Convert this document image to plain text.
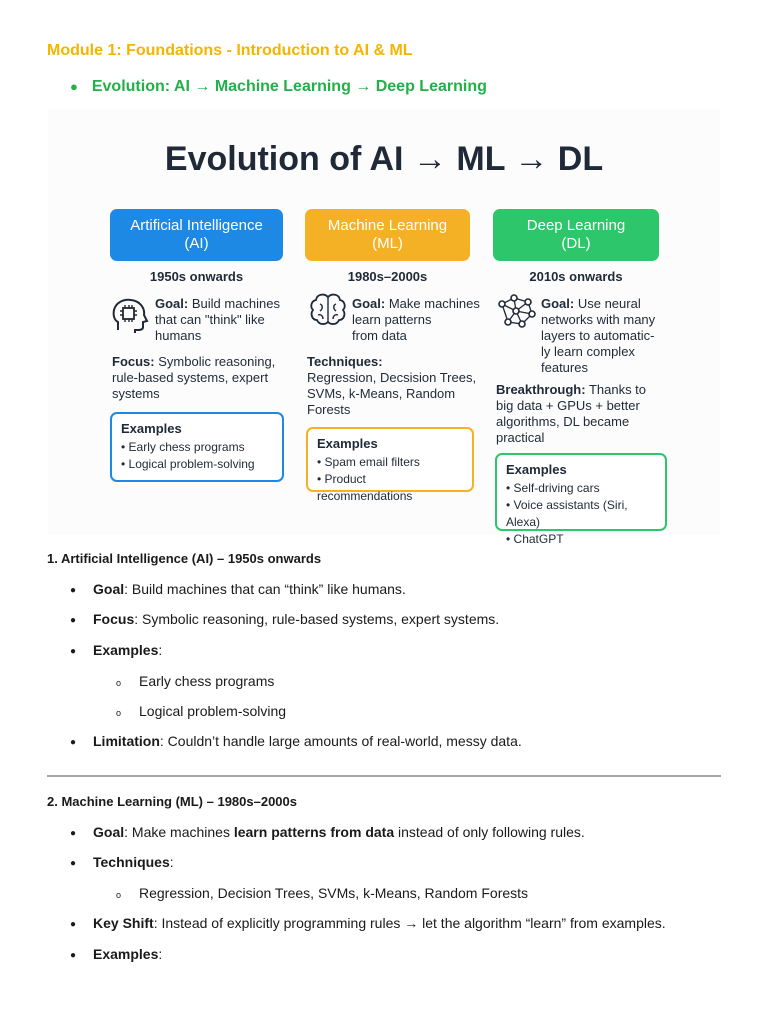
Module 1: Foundations - Introduction to AI & ML
● Evolution: AI → Machine Learning → Deep Learning
Evolution of AI → ML → DL
Artificial Intelligence
(AI)
Machine Learning
(ML)
Deep Learning
(DL)
1950s onwards	1980s–2000s	2010s onwards
Goal: Build machines
that can "think" like
humans
Focus: Symbolic reasoning,
rule-based systems, expert
systems
Examples
• Early chess programs
• Logical problem-solving
Goal: Make machines
learn patterns
from data
Techniques:
Regression, Decsision Trees,
SVMs, k-Means, Random
Forests
Examples
• Spam email filters
• Product recommendations
Goal: Use neural
networks with many
layers to automatic-
ly learn complex
features
Breakthrough: Thanks to
big data + GPUs + better
algorithms, DL became
practical
Examples
• Self-driving cars
• Voice assistants (Siri, Alexa)
• ChatGPT
1. Artificial Intelligence (AI) – 1950s onwards
● Goal: Build machines that can “think” like humans.
● Focus: Symbolic reasoning, rule-based systems, expert systems.
● Examples:
o Early chess programs
o Logical problem-solving
● Limitation: Couldn’t handle large amounts of real-world, messy data.
2. Machine Learning (ML) – 1980s–2000s
● Goal: Make machines learn patterns from data instead of only following rules.
● Techniques:
o Regression, Decision Trees, SVMs, k-Means, Random Forests
● Key Shift: Instead of explicitly programming rules → let the algorithm “learn” from examples.
● Examples:
